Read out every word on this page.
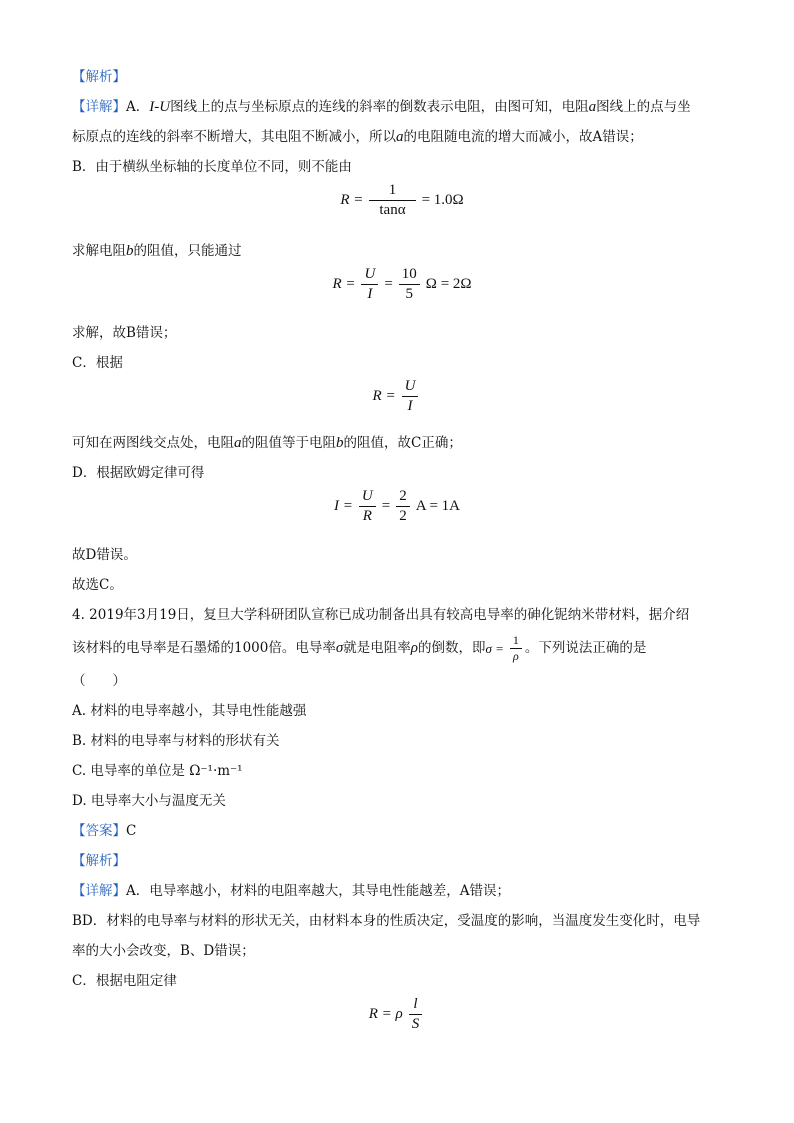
【解析】
【详解】A．I-U图线上的点与坐标原点的连线的斜率的倒数表示电阻，由图可知，电阻a图线上的点与坐
标原点的连线的斜率不断增大，其电阻不断减小，所以a的电阻随电流的增大而减小，故A错误；
B．由于横纵坐标轴的长度单位不同，则不能由
$R = \frac{1}{\tan\alpha} = 1.0\Omega$
求解电阻b的阻值，只能通过
$R = \frac{U}{I} = \frac{10}{5}$ Ω = 2Ω
求解，故B错误；
C．根据
$R = \frac{U}{I}$
可知在两图线交点处，电阻a的阻值等于电阻b的阻值，故C正确；
D．根据欧姆定律可得
$I = \frac{U}{R} = \frac{2}{2}$ A = 1A
故D错误。
故选C。
4. 2019年3月19日，复旦大学科研团队宣称已成功制备出具有较高电导率的砷化铌纳米带材料，据介绍
该材料的电导率是石墨烯的1000倍。电导率σ就是电阻率ρ的倒数，即 $\sigma = \frac{1}{\rho}$ 。下列说法正确的是
（　　）
A. 材料的电导率越小，其导电性能越强
B. 材料的电导率与材料的形状有关
C. 电导率的单位是 Ω⁻¹·m⁻¹
D. 电导率大小与温度无关
【答案】C
【解析】
【详解】A．电导率越小，材料的电阻率越大，其导电性能越差，A错误；
BD．材料的电导率与材料的形状无关，由材料本身的性质决定，受温度的影响，当温度发生变化时，电导
率的大小会改变，B、D错误；
C．根据电阻定律
R = ρ $\frac{l}{S}$
